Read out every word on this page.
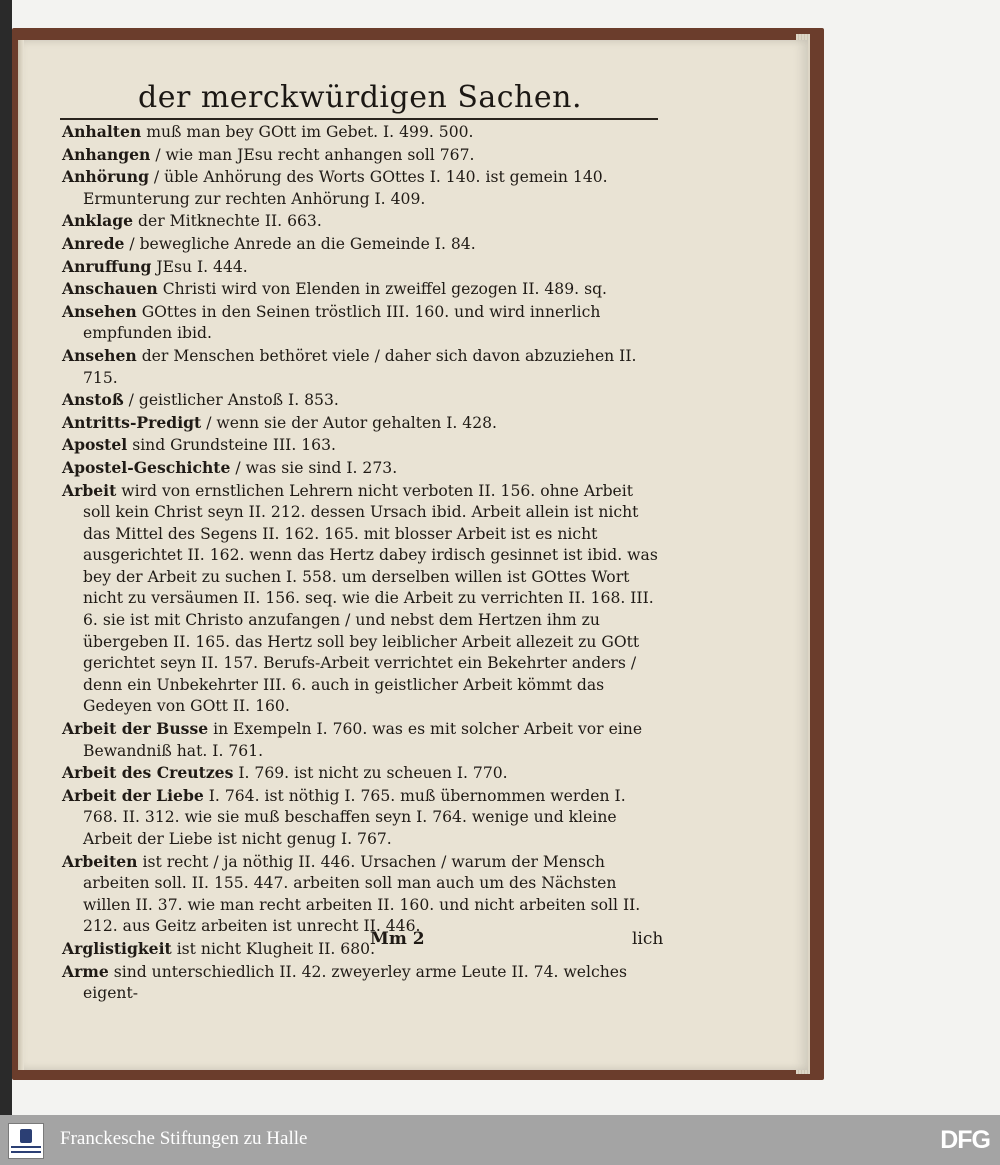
der merckwürdigen Sachen.

Anhalten muß man bey GOtt im Gebet. I. 499. 500.

Anhangen / wie man JEsu recht anhangen soll 767.

Anhörung / üble Anhörung des Worts GOttes I. 140. ist gemein 140. Ermunterung zur rechten Anhörung I. 409.

Anklage der Mitknechte II. 663.

Anrede / bewegliche Anrede an die Gemeinde I. 84.

Anruffung JEsu I. 444.

Anschauen Christi wird von Elenden in zweiffel gezogen II. 489. sq.

Ansehen GOttes in den Seinen tröstlich III. 160. und wird innerlich empfunden ibid.

Ansehen der Menschen bethöret viele / daher sich davon abzuziehen II. 715.

Anstoß / geistlicher Anstoß I. 853.

Antritts-Predigt / wenn sie der Autor gehalten I. 428.

Apostel sind Grundsteine III. 163.

Apostel-Geschichte / was sie sind I. 273.

Arbeit wird von ernstlichen Lehrern nicht verboten II. 156. ohne Arbeit soll kein Christ seyn II. 212. dessen Ursach ibid. Arbeit allein ist nicht das Mittel des Segens II. 162. 165. mit blosser Arbeit ist es nicht ausgerichtet II. 162. wenn das Hertz dabey irdisch gesinnet ist ibid. was bey der Arbeit zu suchen I. 558. um derselben willen ist GOttes Wort nicht zu versäumen II. 156. seq. wie die Arbeit zu verrichten II. 168. III. 6. sie ist mit Christo anzufangen / und nebst dem Hertzen ihm zu übergeben II. 165. das Hertz soll bey leiblicher Arbeit allezeit zu GOtt gerichtet seyn II. 157. Berufs-Arbeit verrichtet ein Bekehrter anders / denn ein Unbekehrter III. 6. auch in geistlicher Arbeit kömmt das Gedeyen von GOtt II. 160.

Arbeit der Busse in Exempeln I. 760. was es mit solcher Arbeit vor eine Bewandniß hat. I. 761.

Arbeit des Creutzes I. 769. ist nicht zu scheuen I. 770.

Arbeit der Liebe I. 764. ist nöthig I. 765. muß übernommen werden I. 768. II. 312. wie sie muß beschaffen seyn I. 764. wenige und kleine Arbeit der Liebe ist nicht genug I. 767.

Arbeiten ist recht / ja nöthig II. 446. Ursachen / warum der Mensch arbeiten soll. II. 155. 447. arbeiten soll man auch um des Nächsten willen II. 37. wie man recht arbeiten II. 160. und nicht arbeiten soll II. 212. aus Geitz arbeiten ist unrecht II. 446.

Arglistigkeit ist nicht Klugheit II. 680.

Arme sind unterschiedlich II. 42. zweyerley arme Leute II. 74. welches eigent-

Mm 2	lich
Franckesche Stiftungen zu Halle	DFG
